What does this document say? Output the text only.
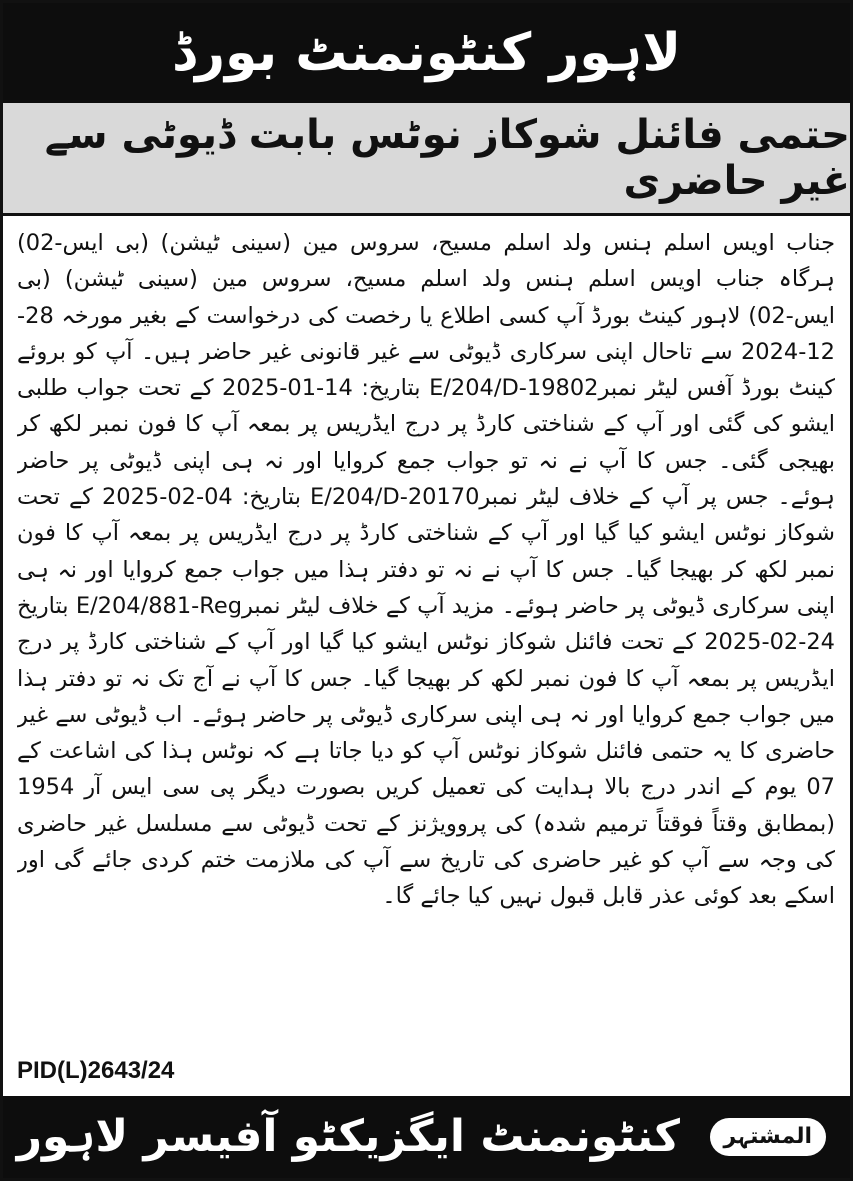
لاہور کنٹونمنٹ بورڈ
حتمی فائنل شوکاز نوٹس بابت ڈیوٹی سے غیر حاضری
جناب اویس اسلم ہنس ولد اسلم مسیح، سروس مین (سینی ٹیشن) (بی ایس-02) ہرگاہ جناب اویس اسلم ہنس ولد اسلم مسیح، سروس مین (سینی ٹیشن) (بی ایس-02) لاہور کینٹ بورڈ آپ کسی اطلاع یا رخصت کی درخواست کے بغیر مورخہ 28-12-2024 سے تاحال اپنی سرکاری ڈیوٹی سے غیر قانونی غیر حاضر ہیں۔ آپ کو بروئے کینٹ بورڈ آفس لیٹر نمبرE/204/D-19802 بتاریخ: 14-01-2025 کے تحت جواب طلبی ایشو کی گئی اور آپ کے شناختی کارڈ پر درج ایڈریس پر بمعہ آپ کا فون نمبر لکھ کر بھیجی گئی۔ جس کا آپ نے نہ تو جواب جمع کروایا اور نہ ہی اپنی ڈیوٹی پر حاضر ہوئے۔ جس پر آپ کے خلاف لیٹر نمبرE/204/D-20170 بتاریخ: 04-02-2025 کے تحت شوکاز نوٹس ایشو کیا گیا اور آپ کے شناختی کارڈ پر درج ایڈریس پر بمعہ آپ کا فون نمبر لکھ کر بھیجا گیا۔ جس کا آپ نے نہ تو دفتر ہذا میں جواب جمع کروایا اور نہ ہی اپنی سرکاری ڈیوٹی پر حاضر ہوئے۔ مزید آپ کے خلاف لیٹر نمبرE/204/881-Reg بتاریخ 24-02-2025 کے تحت فائنل شوکاز نوٹس ایشو کیا گیا اور آپ کے شناختی کارڈ پر درج ایڈریس پر بمعہ آپ کا فون نمبر لکھ کر بھیجا گیا۔ جس کا آپ نے آج تک نہ تو دفتر ہذا میں جواب جمع کروایا اور نہ ہی اپنی سرکاری ڈیوٹی پر حاضر ہوئے۔ اب ڈیوٹی سے غیر حاضری کا یہ حتمی فائنل شوکاز نوٹس آپ کو دیا جاتا ہے کہ نوٹس ہذا کی اشاعت کے 07 یوم کے اندر درج بالا ہدایت کی تعمیل کریں بصورت دیگر پی سی ایس آر 1954 (بمطابق وقتاً فوقتاً ترمیم شدہ) کی پروویژنز کے تحت ڈیوٹی سے مسلسل غیر حاضری کی وجہ سے آپ کو غیر حاضری کی تاریخ سے آپ کی ملازمت ختم کردی جائے گی اور اسکے بعد کوئی عذر قابل قبول نہیں کیا جائے گا۔
PID(L)2643/24
المشتہر
کنٹونمنٹ ایگزیکٹو آفیسر لاہور
